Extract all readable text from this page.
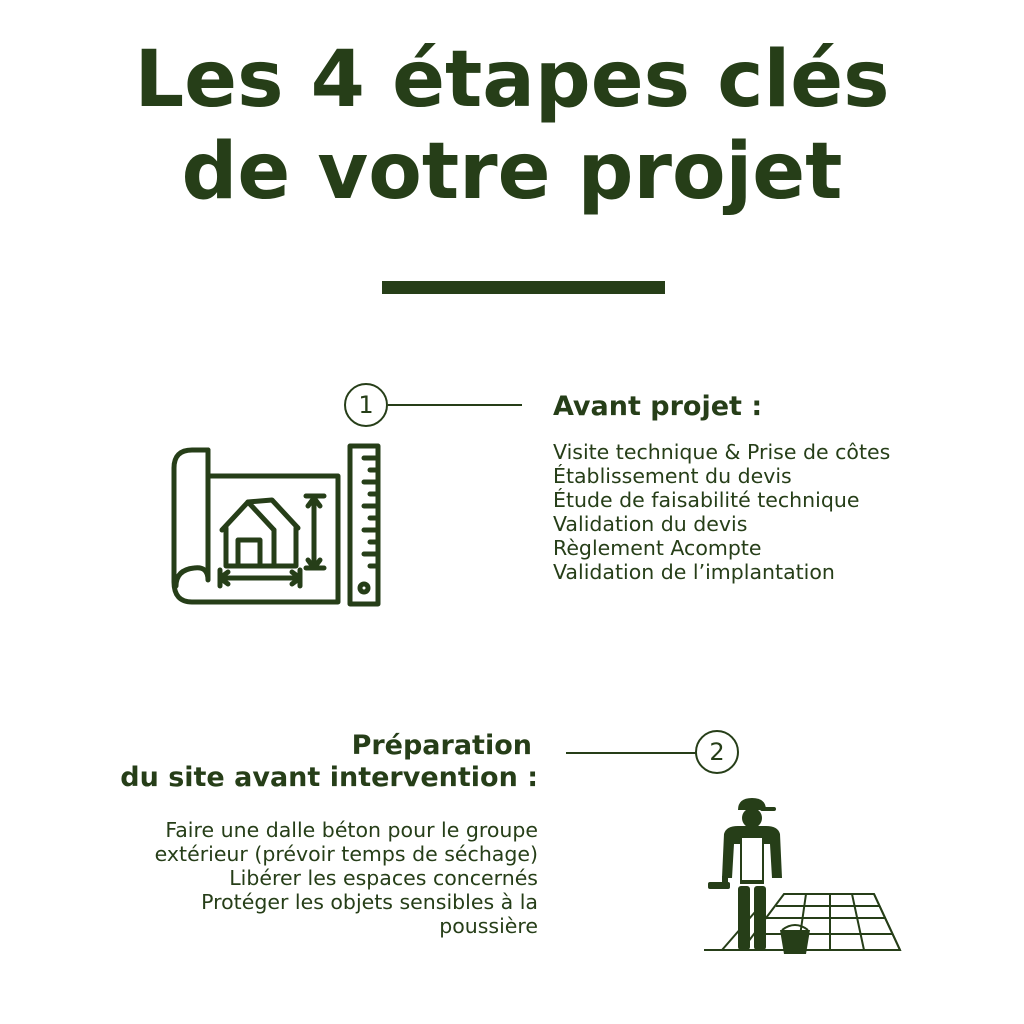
Les 4 étapes clés
de votre projet
1	Avant projet :
Visite technique & Prise de côtes
Établissement du devis
Étude de faisabilité technique
Validation du devis
Règlement Acompte
Validation de l’implantation
Préparation
du site avant intervention :
2
Faire une dalle béton pour le groupe
extérieur (prévoir temps de séchage)
Libérer les espaces concernés
Protéger les objets sensibles à la
poussière
